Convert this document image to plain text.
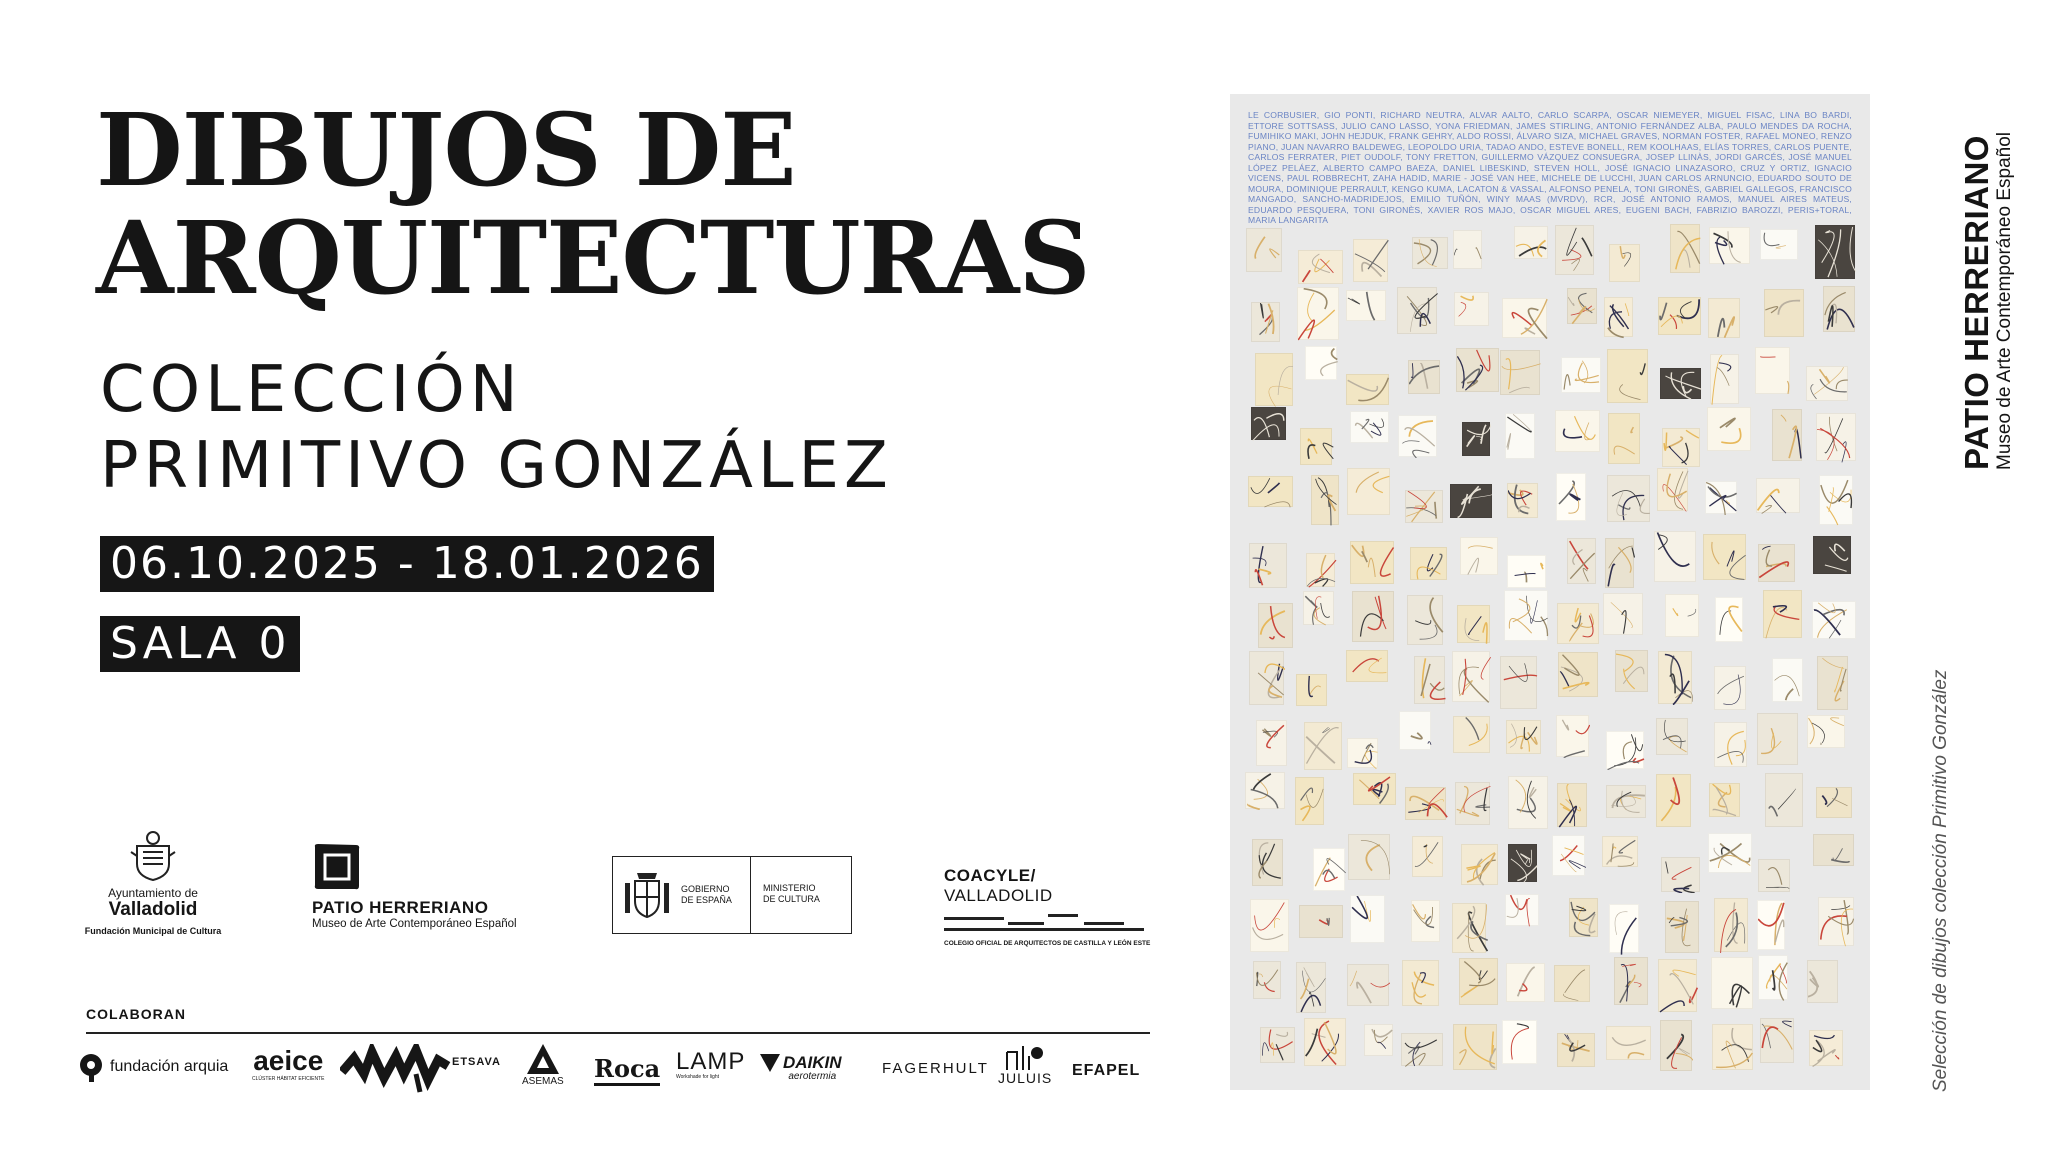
DIBUJOS DE
ARQUITECTURAS
COLECCIÓN
PRIMITIVO GONZÁLEZ
06.10.2025 - 18.01.2026
SALA 0
Ayuntamiento de
Valladolid
Fundación Municipal de Cultura
PATIO HERRERIANO
Museo de Arte Contemporáneo Español
GOBIERNO
DE ESPAÑA
MINISTERIO
DE CULTURA
COACYLE/ VALLADOLID
COLEGIO OFICIAL DE ARQUITECTOS DE CASTILLA Y LEÓN ESTE
COLABORAN
fundación arquia aeice
CLÚSTER HÁBITAT EFICIENTE
ETSAVA
ASEMAS Roca LAMP
Workshade for light
DAIKIN
aerotermia	FAGERHULT
JULUIS EFAPEL
LE CORBUSIER, GIO PONTI, RICHARD NEUTRA, ALVAR AALTO, CARLO SCARPA, OSCAR NIEMEYER, MIGUEL FISAC, LINA BO BARDI, ETTORE SOTTSASS, JULIO CANO LASSO, YONA FRIEDMAN, JAMES STIRLING, ANTONIO FERNÁNDEZ ALBA, PAULO MENDES DA ROCHA, FUMIHIKO MAKI, JOHN HEJDUK, FRANK GEHRY, ALDO ROSSI, ÁLVARO SIZA, MICHAEL GRAVES, NORMAN FOSTER, RAFAEL MONEO, RENZO PIANO, JUAN NAVARRO BALDEWEG, LEOPOLDO URIA, TADAO ANDO, ESTEVE BONELL, REM KOOLHAAS, ELÍAS TORRES, CARLOS PUENTE, CARLOS FERRATER, PIET OUDOLF, TONY FRETTON, GUILLERMO VÁZQUEZ CONSUEGRA, JOSEP LLINÀS, JORDI GARCÉS, JOSÉ MANUEL LÓPEZ PELÁEZ, ALBERTO CAMPO BAEZA, DANIEL LIBESKIND, STEVEN HOLL, JOSÉ IGNACIO LINAZASORO, CRUZ Y ORTIZ, IGNACIO VICENS, PAUL ROBBRECHT, ZAHA HADID, MARIE - JOSÉ VAN HEE, MICHELE DE LUCCHI, JUAN CARLOS ARNUNCIO, EDUARDO SOUTO DE MOURA, DOMINIQUE PERRAULT, KENGO KUMA, LACATON & VASSAL, ALFONSO PENELA, TONI GIRONÈS, GABRIEL GALLEGOS, FRANCISCO MANGADO, SANCHO-MADRIDEJOS, EMILIO TUÑÓN, WINY MAAS (MVRDV), RCR, JOSÉ ANTONIO RAMOS, MANUEL AIRES MATEUS, EDUARDO PESQUERA, TONI GIRONÈS, XAVIER ROS MAJO, OSCAR MIGUEL ARES, EUGENI BACH, FABRIZIO BAROZZI, PERIS+TORAL, MARIA LANGARITA	PATIO HERRERIANO Museo de Arte Contemporáneo Español
Selección de dibujos colección Primitivo González
